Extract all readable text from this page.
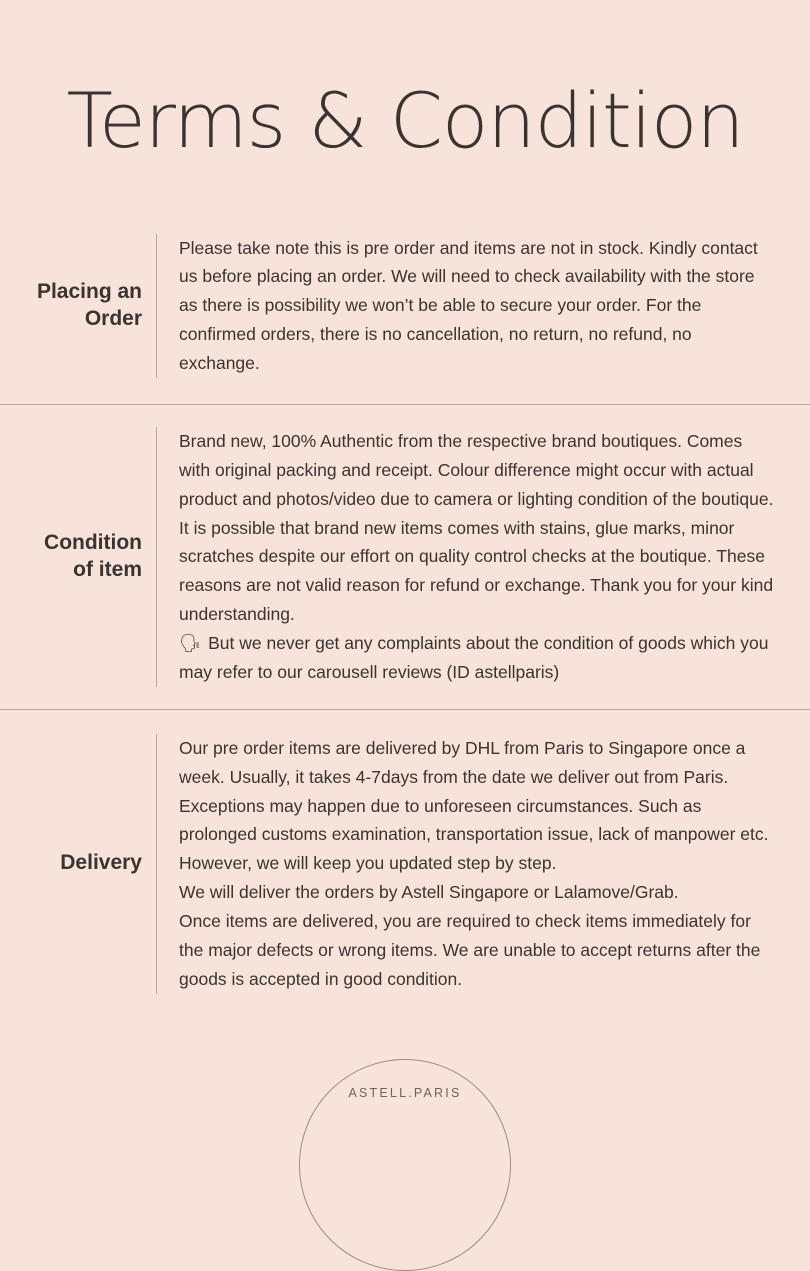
Terms & Condition
Placing an Order

Please take note this is pre order and items are not in stock. Kindly contact us before placing an order. We will need to check availability with the store as there is possibility we won’t be able to secure your order. For the confirmed orders, there is no cancellation, no return, no refund, no exchange.

Condition of item

Brand new, 100% Authentic from the respective brand boutiques. Comes with original packing and receipt. Colour difference might occur with actual product and photos/video due to camera or lighting condition of the boutique. It is possible that brand new items comes with stains, glue marks, minor scratches despite our effort on quality control checks at the boutique. These reasons are not valid reason for refund or exchange. Thank you for your kind understanding.

🗣 But we never get any complaints about the condition of goods which you may refer to our carousell reviews (ID astellparis)

Delivery

Our pre order items are delivered by DHL from Paris to Singapore once a week. Usually, it takes 4-7days from the date we deliver out from Paris. Exceptions may happen due to unforeseen circumstances. Such as prolonged customs examination, transportation issue, lack of manpower etc. However, we will keep you updated step by step.

We will deliver the orders by Astell Singapore or Lalamove/Grab.

Once items are delivered, you are required to check items immediately for the major defects or wrong items. We are unable to accept returns after the goods is accepted in good condition.

ASTELL.PARIS
